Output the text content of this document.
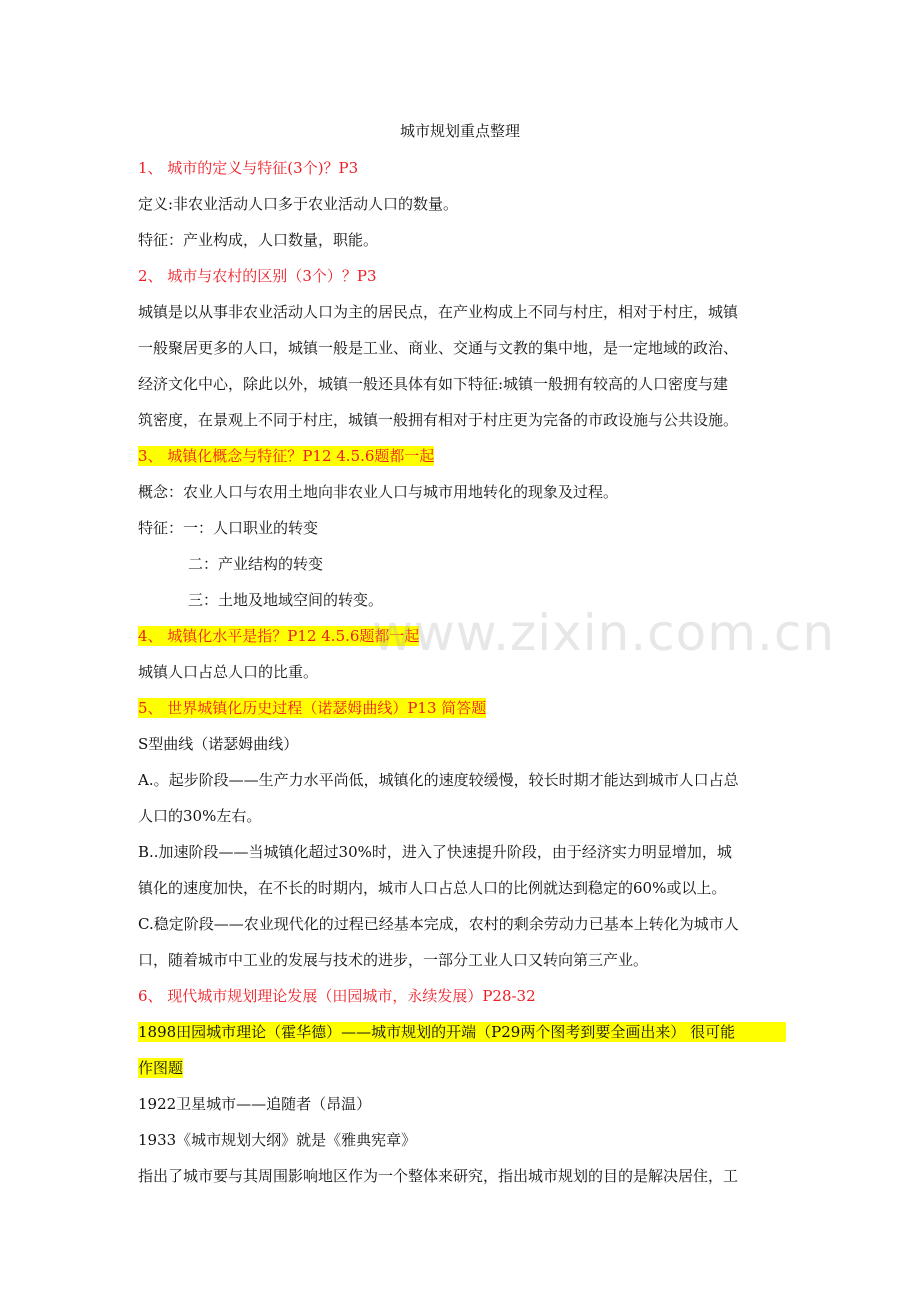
城市规划重点整理
1、 城市的定义与特征(3个)？P3
定义:非农业活动人口多于农业活动人口的数量。
特征：产业构成，人口数量，职能。
2、 城市与农村的区别（3个）？P3
城镇是以从事非农业活动人口为主的居民点，在产业构成上不同与村庄，相对于村庄，城镇
一般聚居更多的人口，城镇一般是工业、商业、交通与文教的集中地，是一定地域的政治、
经济文化中心，除此以外，城镇一般还具体有如下特征:城镇一般拥有较高的人口密度与建
筑密度，在景观上不同于村庄，城镇一般拥有相对于村庄更为完备的市政设施与公共设施。
3、 城镇化概念与特征？P12 4.5.6题都一起
概念：农业人口与农用土地向非农业人口与城市用地转化的现象及过程。
特征：一：人口职业的转变
二：产业结构的转变
三：土地及地域空间的转变。
4、 城镇化水平是指？P12 4.5.6题都一起
城镇人口占总人口的比重。
5、 世界城镇化历史过程（诺瑟姆曲线）P13 简答题
S型曲线（诺瑟姆曲线）
A.。起步阶段——生产力水平尚低，城镇化的速度较缓慢，较长时期才能达到城市人口占总
人口的30%左右。
B..加速阶段——当城镇化超过30%时，进入了快速提升阶段，由于经济实力明显增加，城
镇化的速度加快，在不长的时期内，城市人口占总人口的比例就达到稳定的60%或以上。
C.稳定阶段——农业现代化的过程已经基本完成，农村的剩余劳动力已基本上转化为城市人
口，随着城市中工业的发展与技术的进步，一部分工业人口又转向第三产业。
6、 现代城市规划理论发展（田园城市，永续发展）P28-32
1898田园城市理论（霍华德）——城市规划的开端（P29两个图考到要全画出来） 很可能
作图题
1922卫星城市——追随者（昂温）
1933《城市规划大纲》就是《雅典宪章》
指出了城市要与其周围影响地区作为一个整体来研究，指出城市规划的目的是解决居住，工
www.zixin.com.cn
